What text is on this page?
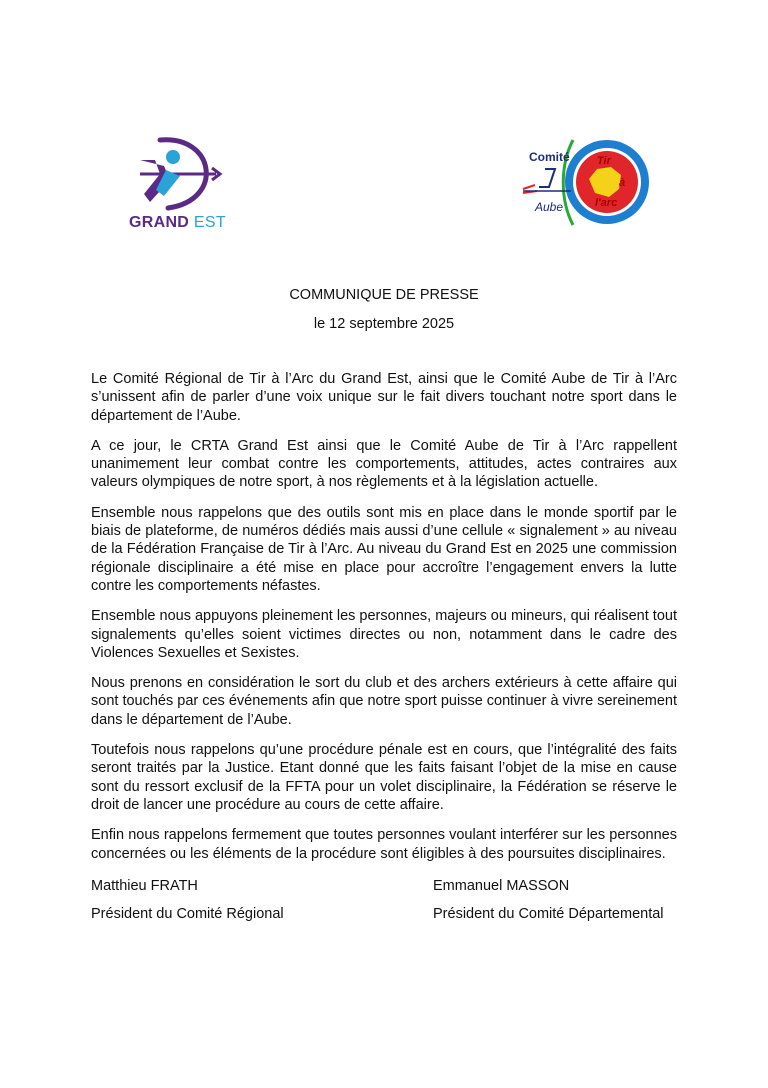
GRAND EST
Comité
Aube
Tir
à
l'arc
COMMUNIQUE DE PRESSE
le 12 septembre 2025

Le Comité Régional de Tir à l’Arc du Grand Est, ainsi que le Comité Aube de Tir à l’Arc s’unissent afin de parler d’une voix unique sur le fait divers touchant notre sport dans le département de l’Aube.

A ce jour, le CRTA Grand Est ainsi que le Comité Aube de Tir à l’Arc rappellent unanimement leur combat contre les comportements, attitudes, actes contraires aux valeurs olympiques de notre sport, à nos règlements et à la législation actuelle.

Ensemble nous rappelons que des outils sont mis en place dans le monde sportif par le biais de plateforme, de numéros dédiés mais aussi d’une cellule « signalement » au niveau de la Fédération Française de Tir à l’Arc. Au niveau du Grand Est en 2025 une commission régionale disciplinaire a été mise en place pour accroître l’engagement envers la lutte contre les comportements néfastes.

Ensemble nous appuyons pleinement les personnes, majeurs ou mineurs, qui réalisent tout signalements qu’elles soient victimes directes ou non, notamment dans le cadre des Violences Sexuelles et Sexistes.

Nous prenons en considération le sort du club et des archers extérieurs à cette affaire qui sont touchés par ces événements afin que notre sport puisse continuer à vivre sereinement dans le département de l’Aube.

Toutefois nous rappelons qu’une procédure pénale est en cours, que l’intégralité des faits seront traités par la Justice. Etant donné que les faits faisant l’objet de la mise en cause sont du ressort exclusif de la FFTA pour un volet disciplinaire, la Fédération se réserve le droit de lancer une procédure au cours de cette affaire.

Enfin nous rappelons fermement que toutes personnes voulant interférer sur les personnes concernées ou les éléments de la procédure sont éligibles à des poursuites disciplinaires.

Matthieu FRATH
Président du Comité Régional
Emmanuel MASSON
Président du Comité Départemental
